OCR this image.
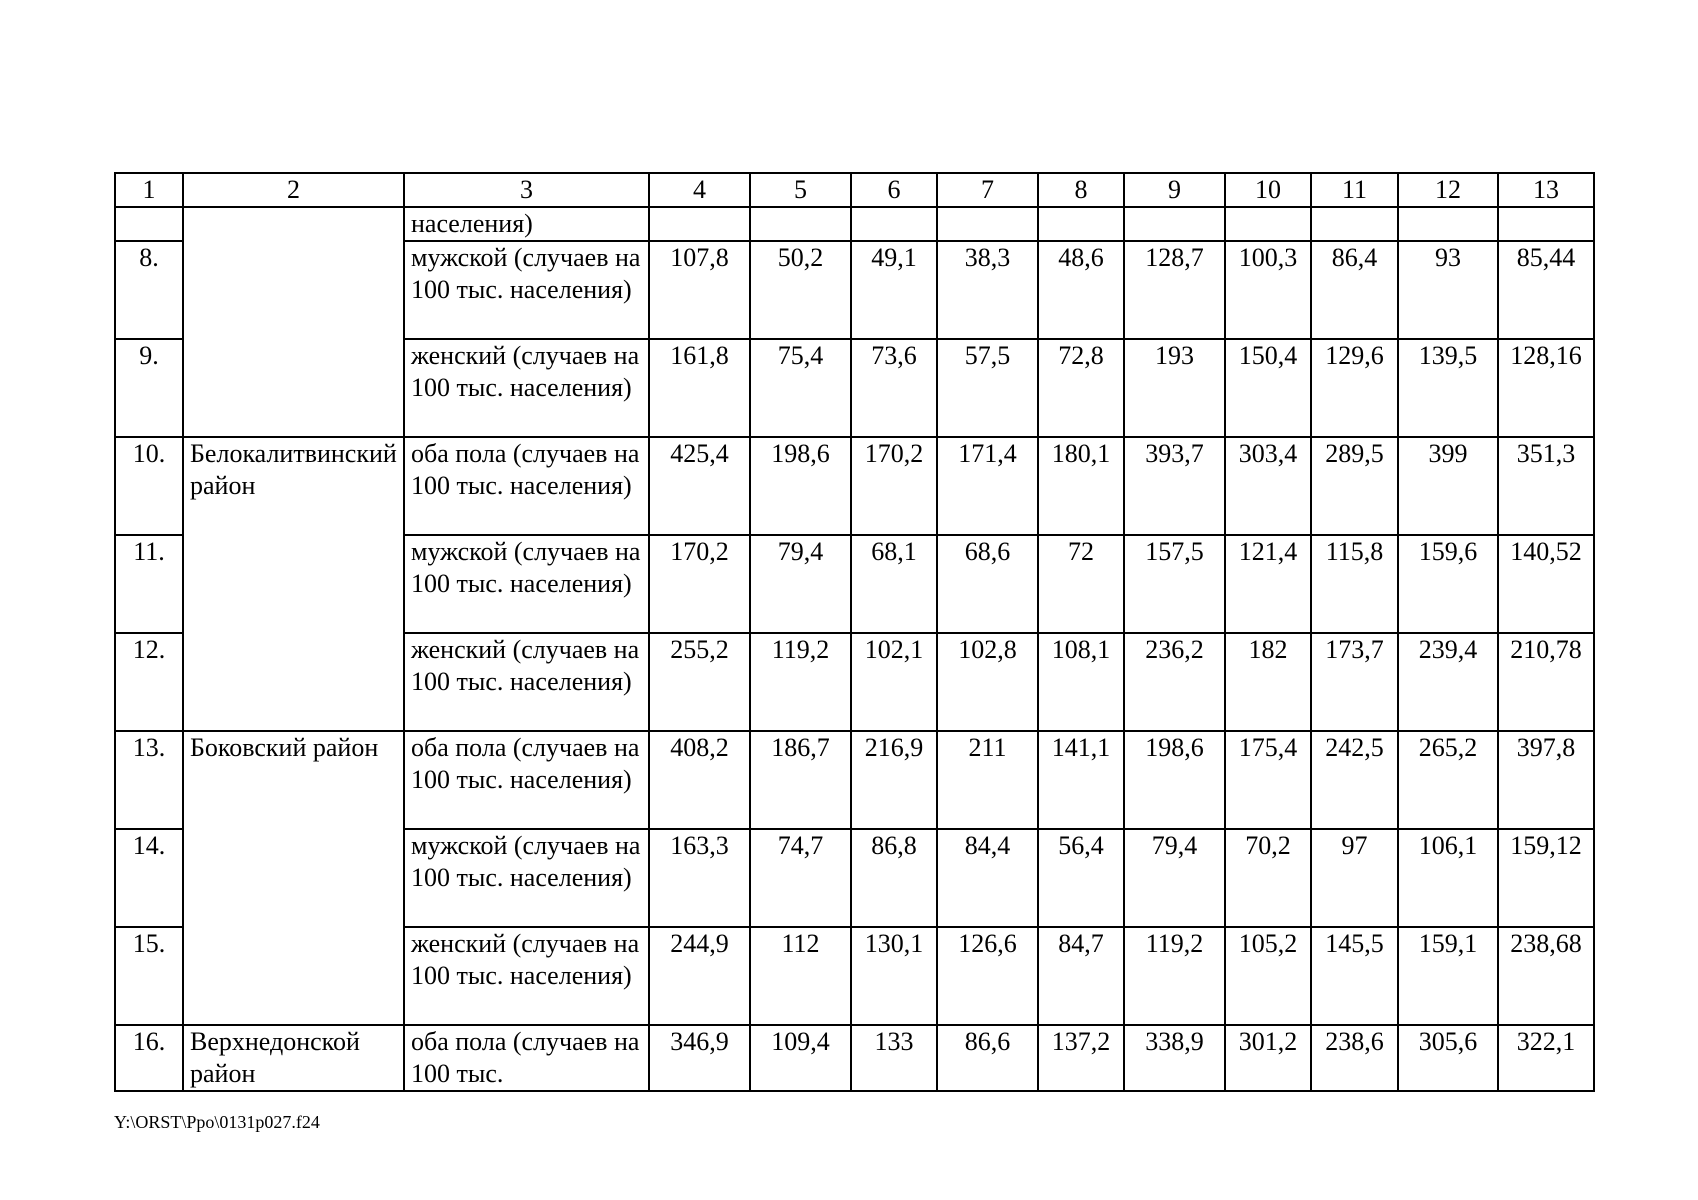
1	2	3	4	5	6	7	8	9	10	11	12	13
		населения)										
8.		мужской (случаев на 100 тыс. населения)	107,8	50,2	49,1	38,3	48,6	128,7	100,3	86,4	93	85,44
9.		женский (случаев на 100 тыс. населения)	161,8	75,4	73,6	57,5	72,8	193	150,4	129,6	139,5	128,16
10.	Белокалитвинский район	оба пола (случаев на 100 тыс. населения)	425,4	198,6	170,2	171,4	180,1	393,7	303,4	289,5	399	351,3
11.		мужской (случаев на 100 тыс. населения)	170,2	79,4	68,1	68,6	72	157,5	121,4	115,8	159,6	140,52
12.		женский (случаев на 100 тыс. населения)	255,2	119,2	102,1	102,8	108,1	236,2	182	173,7	239,4	210,78
13.	Боковский район	оба пола (случаев на 100 тыс. населения)	408,2	186,7	216,9	211	141,1	198,6	175,4	242,5	265,2	397,8
14.		мужской (случаев на 100 тыс. населения)	163,3	74,7	86,8	84,4	56,4	79,4	70,2	97	106,1	159,12
15.		женский (случаев на 100 тыс. населения)	244,9	112	130,1	126,6	84,7	119,2	105,2	145,5	159,1	238,68
16.	Верхнедонской район	оба пола (случаев на 100 тыс.	346,9	109,4	133	86,6	137,2	338,9	301,2	238,6	305,6	322,1
Y:\ORST\Ppo\0131p027.f24
